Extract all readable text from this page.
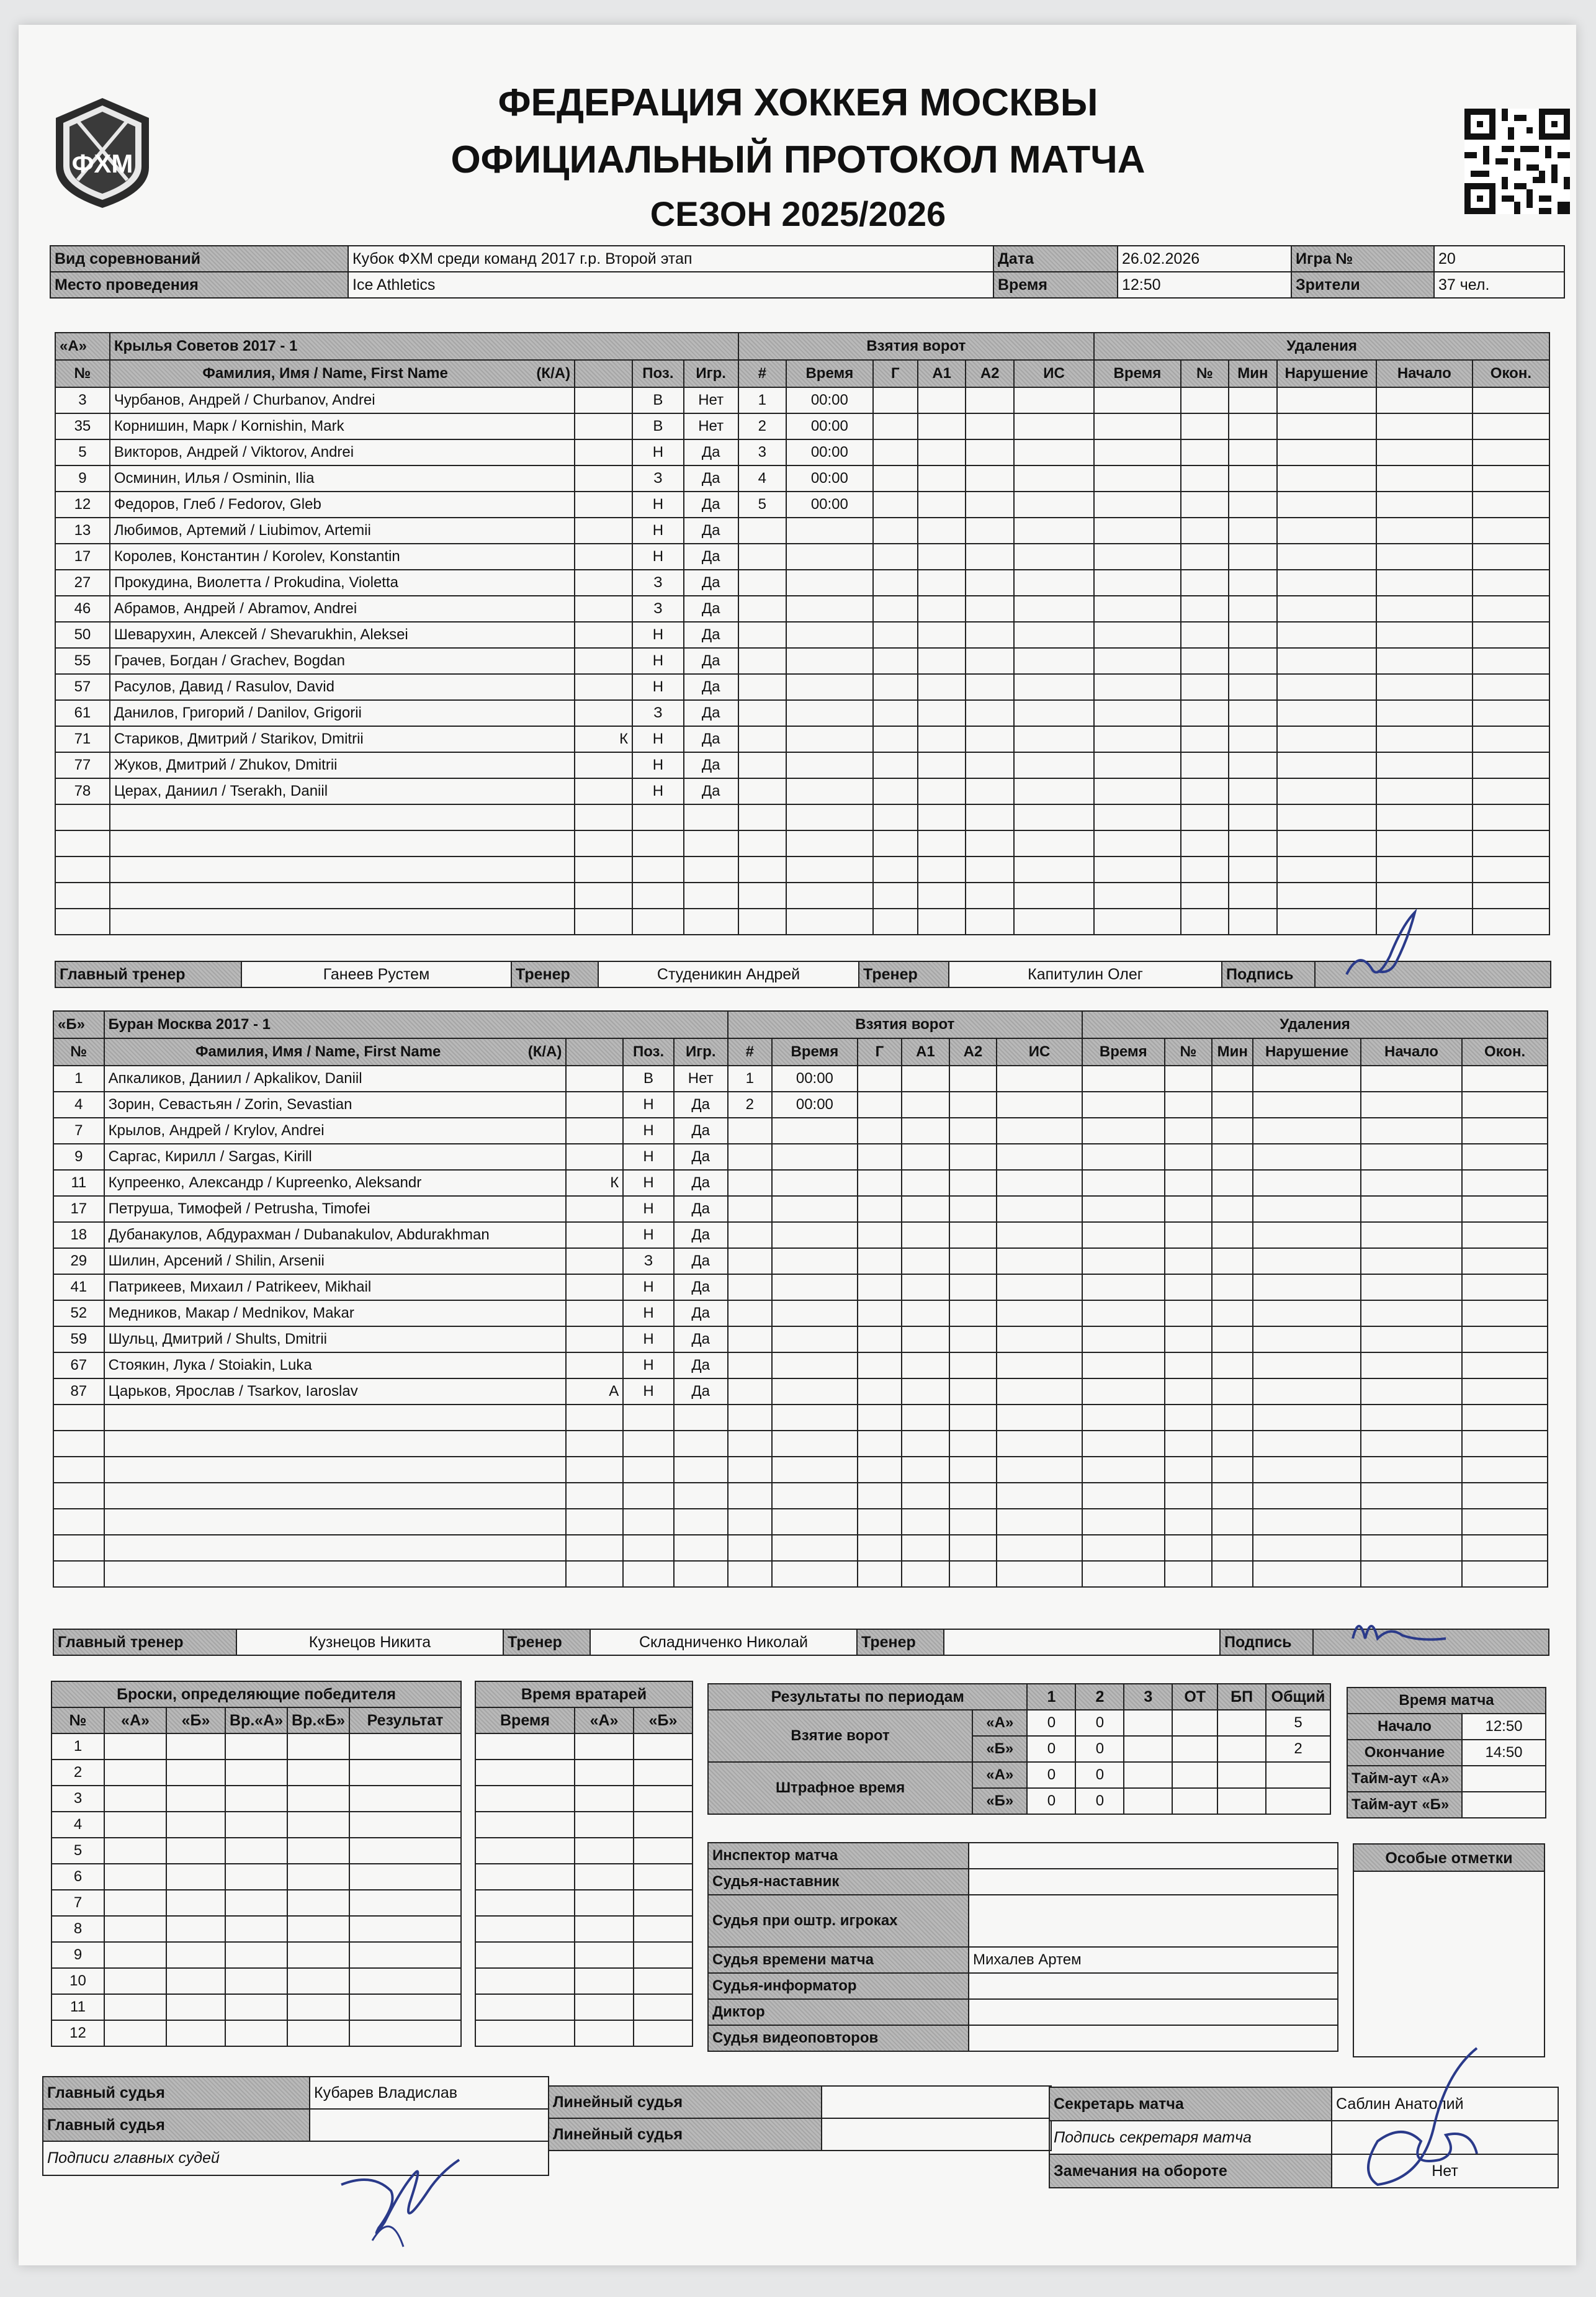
ФХМ
ФЕДЕРАЦИЯ ХОККЕЯ МОСКВЫ
ОФИЦИАЛЬНЫЙ ПРОТОКОЛ МАТЧА
СЕЗОН 2025/2026
Вид соревнований	Кубок ФХМ среди команд 2017 г.р. Второй этап	Дата	26.02.2026	Игра №	20
Место проведения	Ice Athletics	Время	12:50	Зрители	37 чел.
«А»	Крылья Советов 2017 - 1				Взятия ворот						Удаления					
№	Фамилия, Имя / Name, First Name (К/А)		Поз.	Игр.	#	Время	Г	А1	А2	ИС	Время	№	Мин	Нарушение	Начало	Окон.
3	Чурбанов, Андрей / Churbanov, Andrei		В	Нет	1	00:00										
35	Корнишин, Марк / Kornishin, Mark		В	Нет	2	00:00										
5	Викторов, Андрей / Viktorov, Andrei		Н	Да	3	00:00										
9	Осминин, Илья / Osminin, Ilia		З	Да	4	00:00										
12	Федоров, Глеб / Fedorov, Gleb		Н	Да	5	00:00										
13	Любимов, Артемий / Liubimov, Artemii		Н	Да												
17	Королев, Константин / Korolev, Konstantin		Н	Да												
27	Прокудина, Виолетта / Prokudina, Violetta		З	Да												
46	Абрамов, Андрей / Abramov, Andrei		З	Да												
50	Шеварухин, Алексей / Shevarukhin, Aleksei		Н	Да												
55	Грачев, Богдан / Grachev, Bogdan		Н	Да												
57	Расулов, Давид / Rasulov, David		Н	Да												
61	Данилов, Григорий / Danilov, Grigorii		З	Да												
71	Стариков, Дмитрий / Starikov, Dmitrii	К	Н	Да												
77	Жуков, Дмитрий / Zhukov, Dmitrii		Н	Да												
78	Церах, Даниил / Tserakh, Daniil		Н	Да												

Главный тренер	Ганеев Рустем	Тренер	Студеникин Андрей	Тренер	Капитулин Олег	Подпись	
«Б»	Буран Москва 2017 - 1				Взятия ворот						Удаления					
№	Фамилия, Имя / Name, First Name (К/А)		Поз.	Игр.	#	Время	Г	А1	А2	ИС	Время	№	Мин	Нарушение	Начало	Окон.
1	Апкаликов, Даниил / Apkalikov, Daniil		В	Нет	1	00:00										
4	Зорин, Севастьян / Zorin, Sevastian		Н	Да	2	00:00										
7	Крылов, Андрей / Krylov, Andrei		Н	Да												
9	Саргас, Кирилл / Sargas, Kirill		Н	Да												
11	Купреенко, Александр / Kupreenko, Aleksandr	К	Н	Да												
17	Петруша, Тимофей / Petrusha, Timofei		Н	Да												
18	Дубанакулов, Абдурахман / Dubanakulov, Abdurakhman		Н	Да												
29	Шилин, Арсений / Shilin, Arsenii		З	Да												
41	Патрикеев, Михаил / Patrikeev, Mikhail		Н	Да												
52	Медников, Макар / Mednikov, Makar		Н	Да												
59	Шульц, Дмитрий / Shults, Dmitrii		Н	Да												
67	Стоякин, Лука / Stoiakin, Luka		Н	Да												
87	Царьков, Ярослав / Tsarkov, Iaroslav	А	Н	Да												

Главный тренер	Кузнецов Никита	Тренер	Складниченко Николай	Тренер		Подпись	
Броски, определяющие победителя					
№	«А»	«Б»	Вр.«А»	Вр.«Б»	Результат
1					
2					
3					
4					
5					
6					
7					
8					
9					
10					
11					
12					
Время вратарей		
Время	«А»	«Б»

Результаты по периодам		1	2	3	ОТ	БП	Общий
Взятие ворот	«А»	0	0				5
	«Б»	0	0				2
Штрафное время	«А»	0	0				
	«Б»	0	0				
Время матча	
Начало	12:50
Окончание	14:50
Тайм-аут «А»	
Тайм-аут «Б»	
Инспектор матча	
Судья-наставник	
Судья при оштр. игроках	
Судья времени матча	Михалев Артем
Судья-информатор	
Диктор	
Судья видеоповторов	
Особые отметки
Главный судья	Кубарев Владислав
Главный судья	
Подписи главных судей	
Линейный судья	
Линейный судья	
Секретарь матча	Саблин Анатолий
Подпись секретаря матча	
Замечания на обороте	Нет
